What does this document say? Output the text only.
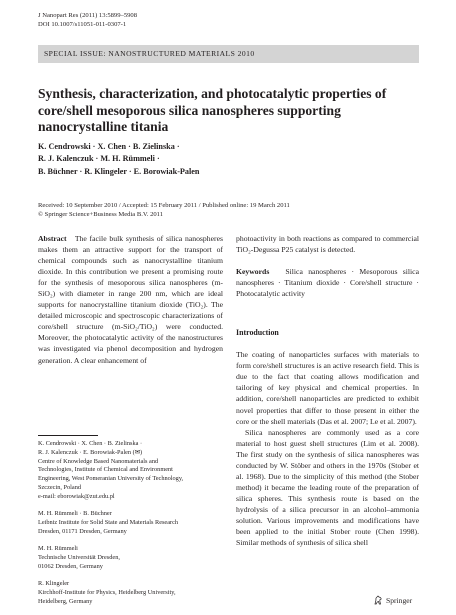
J Nanopart Res (2011) 13:5899–5908
DOI 10.1007/s11051-011-0307-1
SPECIAL ISSUE: NANOSTRUCTURED MATERIALS 2010
Synthesis, characterization, and photocatalytic properties of core/shell mesoporous silica nanospheres supporting nanocrystalline titania
K. Cendrowski · X. Chen · B. Zielinska ·
R. J. Kalenczuk · M. H. Rümmeli ·
B. Büchner · R. Klingeler · E. Borowiak-Palen
Received: 10 September 2010 / Accepted: 15 February 2011 / Published online: 19 March 2011
© Springer Science+Business Media B.V. 2011

Abstract The facile bulk synthesis of silica nanospheres makes them an attractive support for the transport of chemical compounds such as nanocrystalline titanium dioxide. In this contribution we present a promising route for the synthesis of mesoporous silica nanospheres (m-SiO₂) with diameter in range 200 nm, which are ideal supports for nanocrystalline titanium dioxide (TiO₂). The detailed microscopic and spectroscopic characterizations of core/shell structure (m-SiO₂/TiO₂) were conducted. Moreover, the photocatalytic activity of the nanostructures was investigated via phenol decomposition and hydrogen generation. A clear enhancement of

K. Cendrowski · X. Chen · B. Zielinska ·
R. J. Kalenczuk · E. Borowiak-Palen (✉)
Centre of Knowledge Based Nanomaterials and
Technologies, Institute of Chemical and Environment
Engineering, West Pomeranian University of Technology,
Szczecin, Poland
e-mail: eborowiak@zut.edu.pl
M. H. Rümmeli · B. Büchner
Leibniz Institute for Solid State and Materials Research
Dresden, 01171 Dresden, Germany
M. H. Rümmeli
Technische Universität Dresden,
01062 Dresden, Germany
R. Klingeler
Kirchhoff-Institute for Physics, Heidelberg University,
Heidelberg, Germany

photoactivity in both reactions as compared to commercial TiO₂-Degussa P25 catalyst is detected.

Keywords Silica nanospheres · Mesoporous silica nanospheres · Titanium dioxide · Core/shell structure · Photocatalytic activity

Introduction

The coating of nanoparticles surfaces with materials to form core/shell structures is an active research field. This is due to the fact that coating allows modification and tailoring of key physical and chemical properties. In addition, core/shell nanoparticles are predicted to exhibit novel properties that differ to those present in either the core or the shell materials (Das et al. 2007; Le et al. 2007).

Silica nanospheres are commonly used as a core material to host guest shell structures (Lim et al. 2008). The first study on the synthesis of silica nanospheres was conducted by W. Stöber and others in the 1970s (Stober et al. 1968). Due to the simplicity of this method (the Stober method) it became the leading route of the preparation of silica spheres. This synthesis route is based on the hydrolysis of a silica precursor in an alcohol–ammonia solution. Various improvements and modifications have been applied to the initial Stober route (Chen 1998). Similar methods of synthesis of silica shell

Springer
